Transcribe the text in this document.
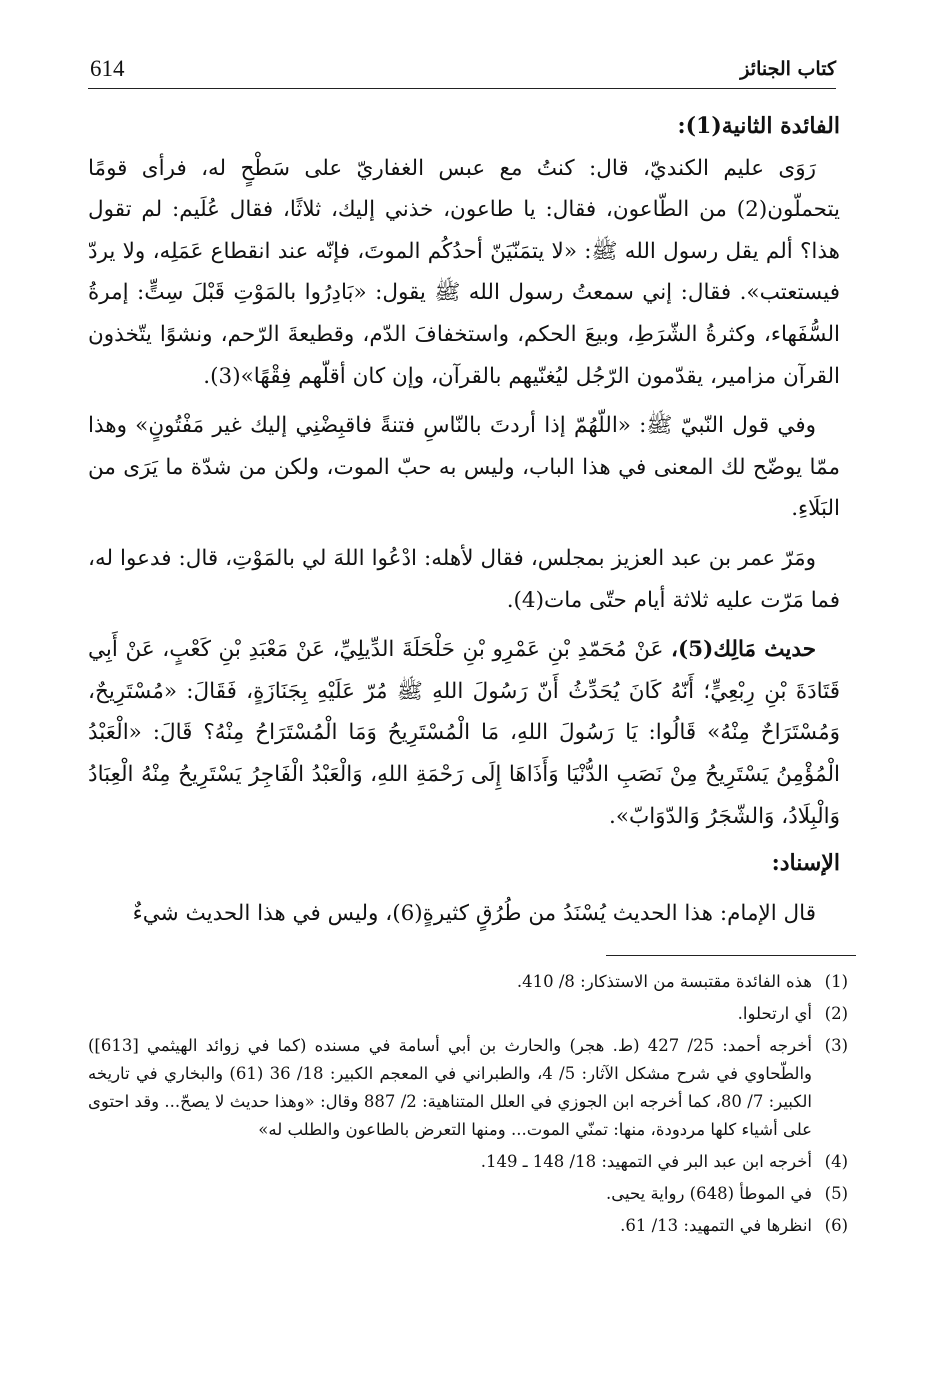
614	كتاب الجنائز

الفائدة الثانية(1):

رَوَى عليم الكنديّ، قال: كنتُ مع عبس الغفاريّ على سَطْحٍ له، فرأى قومًا يتحملّون(2) من الطّاعون، فقال: يا طاعون، خذني إليك، ثلاثًا، فقال عُلَيم: لم تقول هذا؟ ألم يقل رسول الله ﷺ: «لا يتمَنّيَنّ أحدُكُم الموتَ، فإنّه عند انقطاع عَمَلِه، ولا يردّ فيستعتب». فقال: إني سمعتُ رسول الله ﷺ يقول: «بَادِرُوا بالمَوْتِ قَبْلَ سِتٍّ: إمرةُ السُّفَهاء، وكثرةُ الشّرَطِ، وبيعَ الحكم، واستخفافَ الدّم، وقطيعةَ الرّحم، ونشوًا يتّخذون القرآن مزامير، يقدّمون الرّجُل ليُغنّيهم بالقرآن، وإن كان أقلّهم فِقْهًا»(3).

وفي قول النّبيّ ﷺ: «اللّهُمّ إذا أردتَ بالنّاسِ فتنةً فاقبِضْنِي إليك غير مَفْتُونٍ» وهذا ممّا يوضّح لك المعنى في هذا الباب، وليس به حبّ الموت، ولكن من شدّة ما يَرَى من البَلَاءِ.

ومَرّ عمر بن عبد العزيز بمجلس، فقال لأهله: ادْعُوا اللهَ لي بالمَوْتِ، قال: فدعوا له، فما مَرّت عليه ثلاثة أيام حتّى مات(4).

حديث مَالِك(5)، عَنْ مُحَمّدِ بْنِ عَمْرِو بْنِ حَلْحَلَةَ الدِّيلِيِّ، عَنْ مَعْبَدِ بْنِ كَعْبٍ، عَنْ أَبِي قَتَادَةَ بْنِ رِبْعِيٍّ؛ أَنّهُ كَانَ يُحَدِّثُ أَنّ رَسُولَ اللهِ ﷺ مُرّ عَلَيْهِ بِجَنَازَةٍ، فَقَالَ: «مُسْتَرِيحٌ، وَمُسْتَرَاحٌ مِنْهُ» قَالُوا: يَا رَسُولَ اللهِ، مَا الْمُسْتَرِيحُ وَمَا الْمُسْتَرَاحُ مِنْهُ؟ قَالَ: «الْعَبْدُ الْمُؤْمِنُ يَسْتَرِيحُ مِنْ نَصَبِ الدُّنْيَا وَأَذَاهَا إِلَى رَحْمَةِ اللهِ، وَالْعَبْدُ الْفَاجِرُ يَسْتَرِيحُ مِنْهُ الْعِبَادُ وَالْبِلَادُ، وَالشّجَرُ وَالدّوَابّ».

الإسناد:

قال الإمام: هذا الحديث يُسْنَدُ من طُرُقٍ كثيرةٍ(6)، وليس في هذا الحديث شيءٌ

(1)
هذه الفائدة مقتبسة من الاستذكار: 8/ 410.
(2)
أي ارتحلوا.
(3)
أخرجه أحمد: 25/ 427 (ط. هجر) والحارث بن أبي أسامة في مسنده (كما في زوائد الهيثمي [613]) والطّحاوي في شرح مشكل الآثار: 5/ 4، والطبراني في المعجم الكبير: 18/ 36 (61) والبخاري في تاريخه الكبير: 7/ 80، كما أخرجه ابن الجوزي في العلل المتناهية: 2/ 887 وقال: «وهذا حديث لا يصحّ... وقد احتوى على أشياء كلها مردودة، منها: تمنّي الموت... ومنها التعرض بالطاعون والطلب له»
(4)
أخرجه ابن عبد البر في التمهيد: 18/ 148 ـ 149.
(5)
في الموطأ (648) رواية يحيى.
(6)
انظرها في التمهيد: 13/ 61.
